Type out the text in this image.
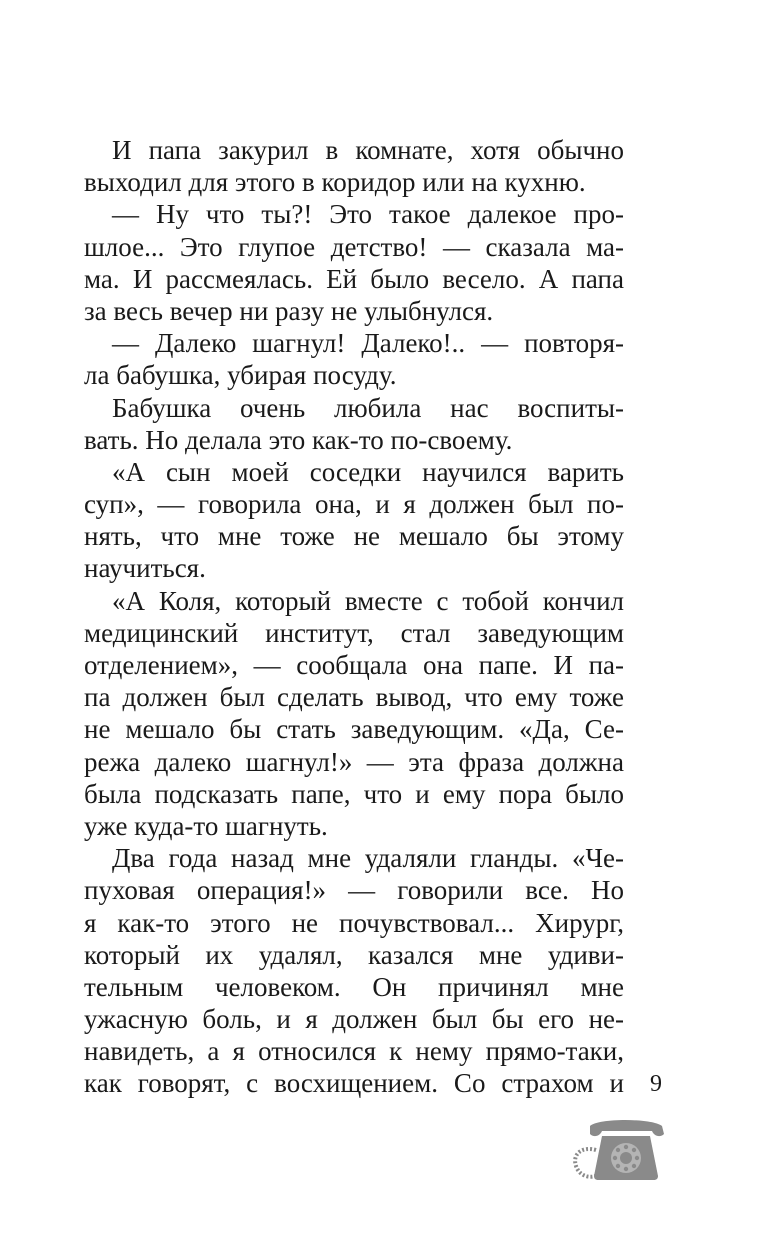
И папа закурил в комнате, хотя обычно
выходил для этого в коридор или на кухню.
— Ну что ты?! Это такое далекое про-
шлое... Это глупое детство! — сказала ма-
ма. И рассмеялась. Ей было весело. А папа
за весь вечер ни разу не улыбнулся.
— Далеко шагнул! Далеко!.. — повторя-
ла бабушка, убирая посуду.
Бабушка очень любила нас воспиты-
вать. Но делала это как-то по-своему.
«А сын моей соседки научился варить
суп», — говорила она, и я должен был по-
нять, что мне тоже не мешало бы этому
научиться.
«А Коля, который вместе с тобой кончил
медицинский институт, стал заведующим
отделением», — сообщала она папе. И па-
па должен был сделать вывод, что ему тоже
не мешало бы стать заведующим. «Да, Се-
режа далеко шагнул!» — эта фраза должна
была подсказать папе, что и ему пора было
уже куда-то шагнуть.
Два года назад мне удаляли гланды. «Че-
пуховая операция!» — говорили все. Но
я как-то этого не почувствовал... Хирург,
который их удалял, казался мне удиви-
тельным человеком. Он причинял мне
ужасную боль, и я должен был бы его не-
навидеть, а я относился к нему прямо-таки,
как говорят, с восхищением. Со страхом и 9
